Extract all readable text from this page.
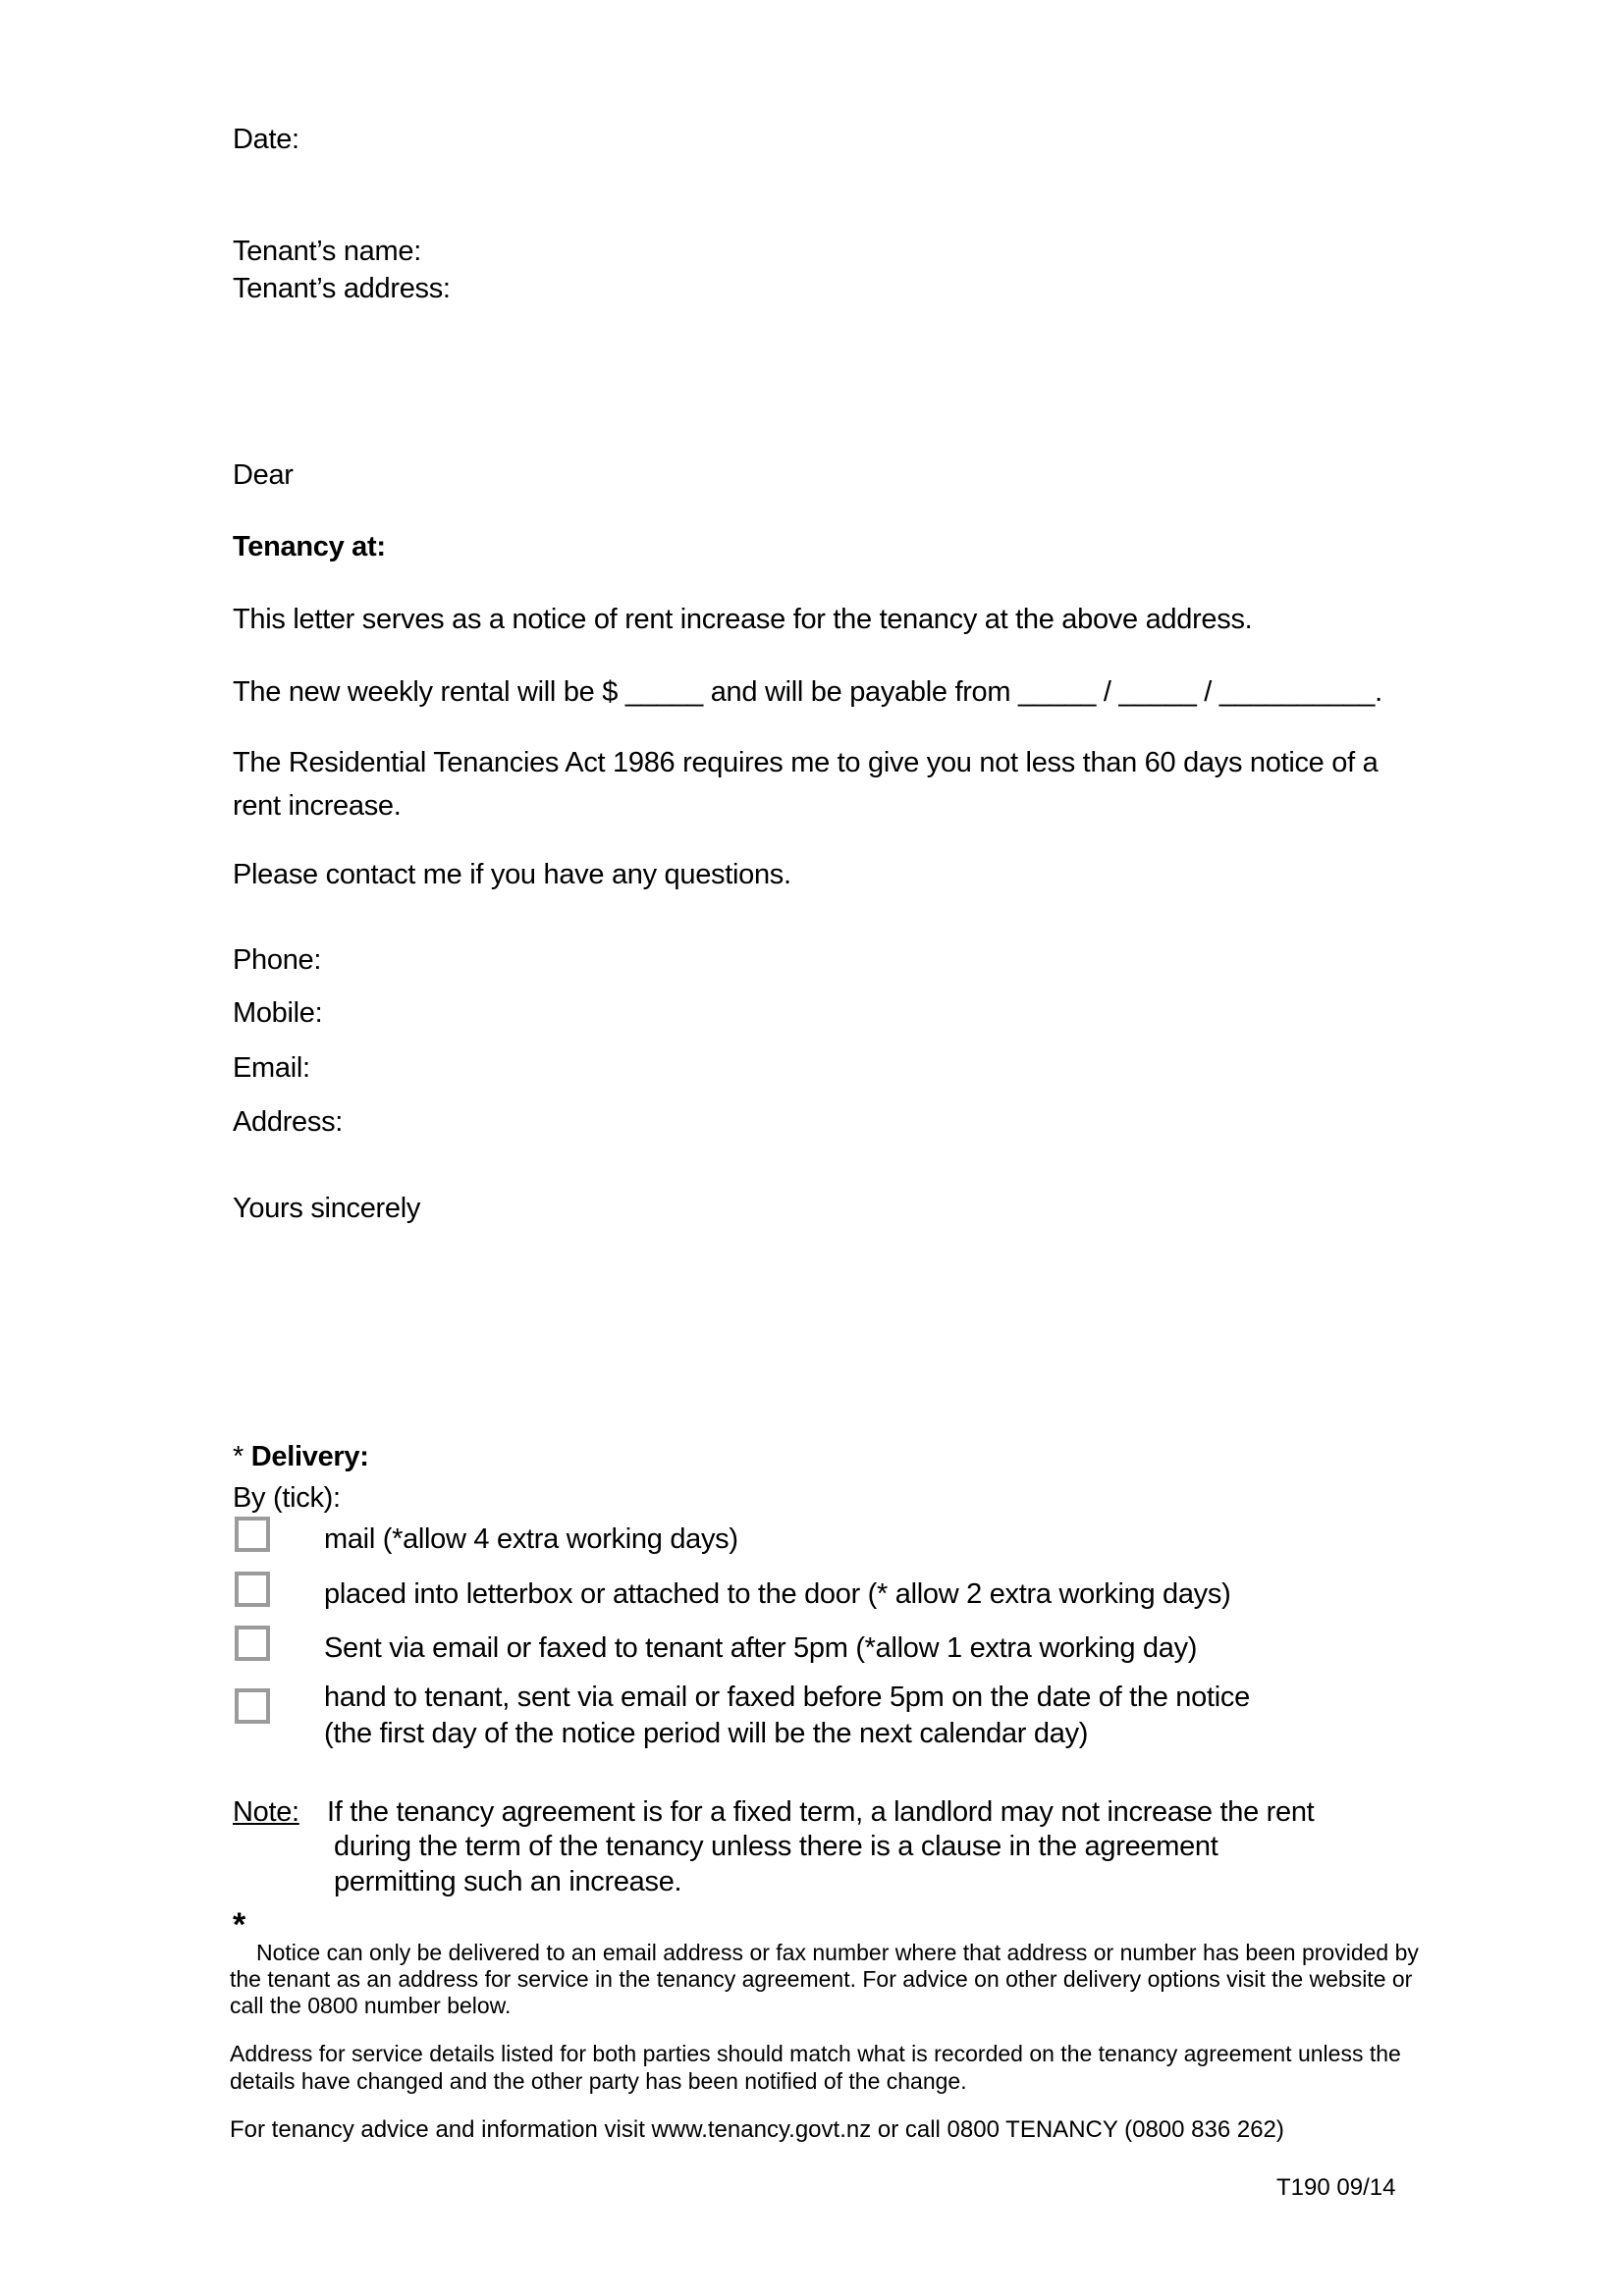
Date:
Tenant’s name:
Tenant’s address:
Dear
Tenancy at:
This letter serves as a notice of rent increase for the tenancy at the above address.
The new weekly rental will be $ _____ and will be payable from _____ / _____ / __________.
The Residential Tenancies Act 1986 requires me to give you not less than 60 days notice of a
rent increase.
Please contact me if you have any questions.
Phone:
Mobile:
Email:
Address:
Yours sincerely
* Delivery:
By (tick):
mail (*allow 4 extra working days)
placed into letterbox or attached to the door (* allow 2 extra working days)
Sent via email or faxed to tenant after 5pm (*allow 1 extra working day)
hand to tenant, sent via email or faxed before 5pm on the date of the notice
(the first day of the notice period will be the next calendar day)
Note: If the tenancy agreement is for a fixed term, a landlord may not increase the rent
during the term of the tenancy unless there is a clause in the agreement
permitting such an increase.
*
Notice can only be delivered to an email address or fax number where that address or number has been provided by
the tenant as an address for service in the tenancy agreement. For advice on other delivery options visit the website or
call the 0800 number below.
Address for service details listed for both parties should match what is recorded on the tenancy agreement unless the
details have changed and the other party has been notified of the change.
For tenancy advice and information visit www.tenancy.govt.nz or call 0800 TENANCY (0800 836 262)
T190 09/14
